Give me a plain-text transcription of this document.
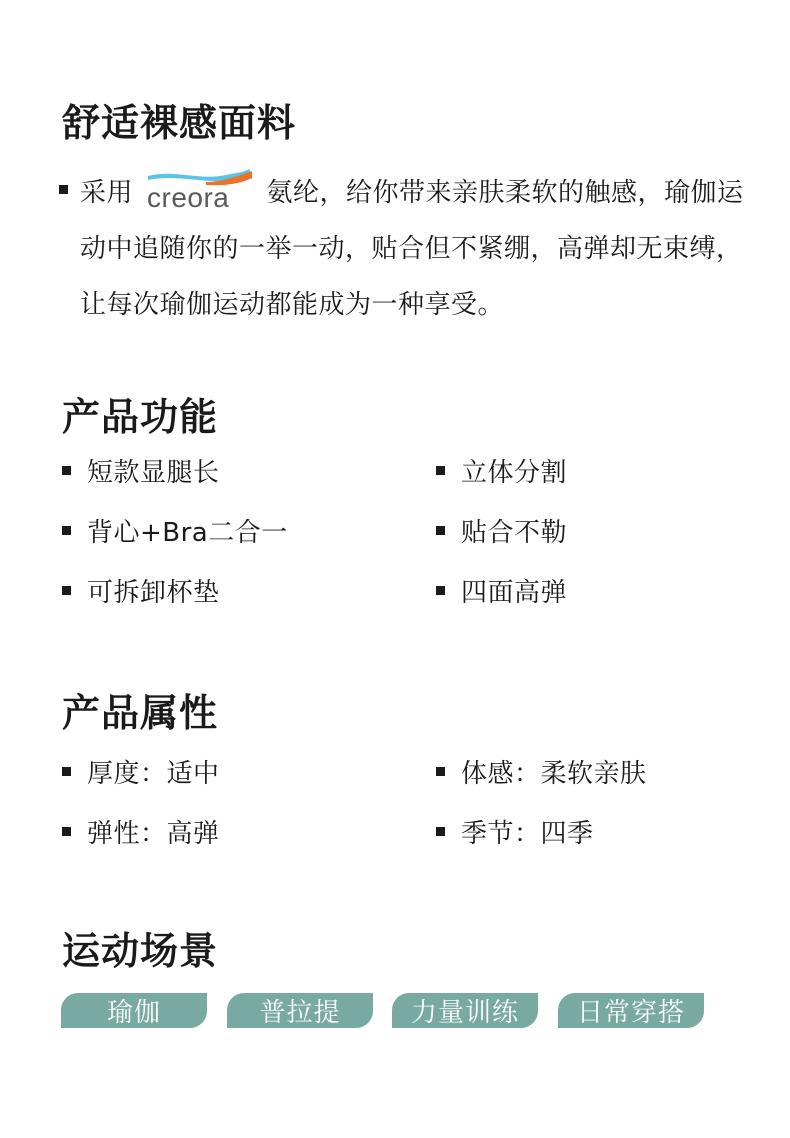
舒适裸感面料
采用 creora 氨纶，给你带来亲肤柔软的触感，瑜伽运动中追随你的一举一动，贴合但不紧绷，高弹却无束缚，让每次瑜伽运动都能成为一种享受。
产品功能
短款显腿长	立体分割
背心+Bra二合一	贴合不勒
可拆卸杯垫	四面高弹
产品属性
厚度：适中	体感：柔软亲肤
弹性：高弹	季节：四季
运动场景
瑜伽	普拉提	力量训练	日常穿搭
